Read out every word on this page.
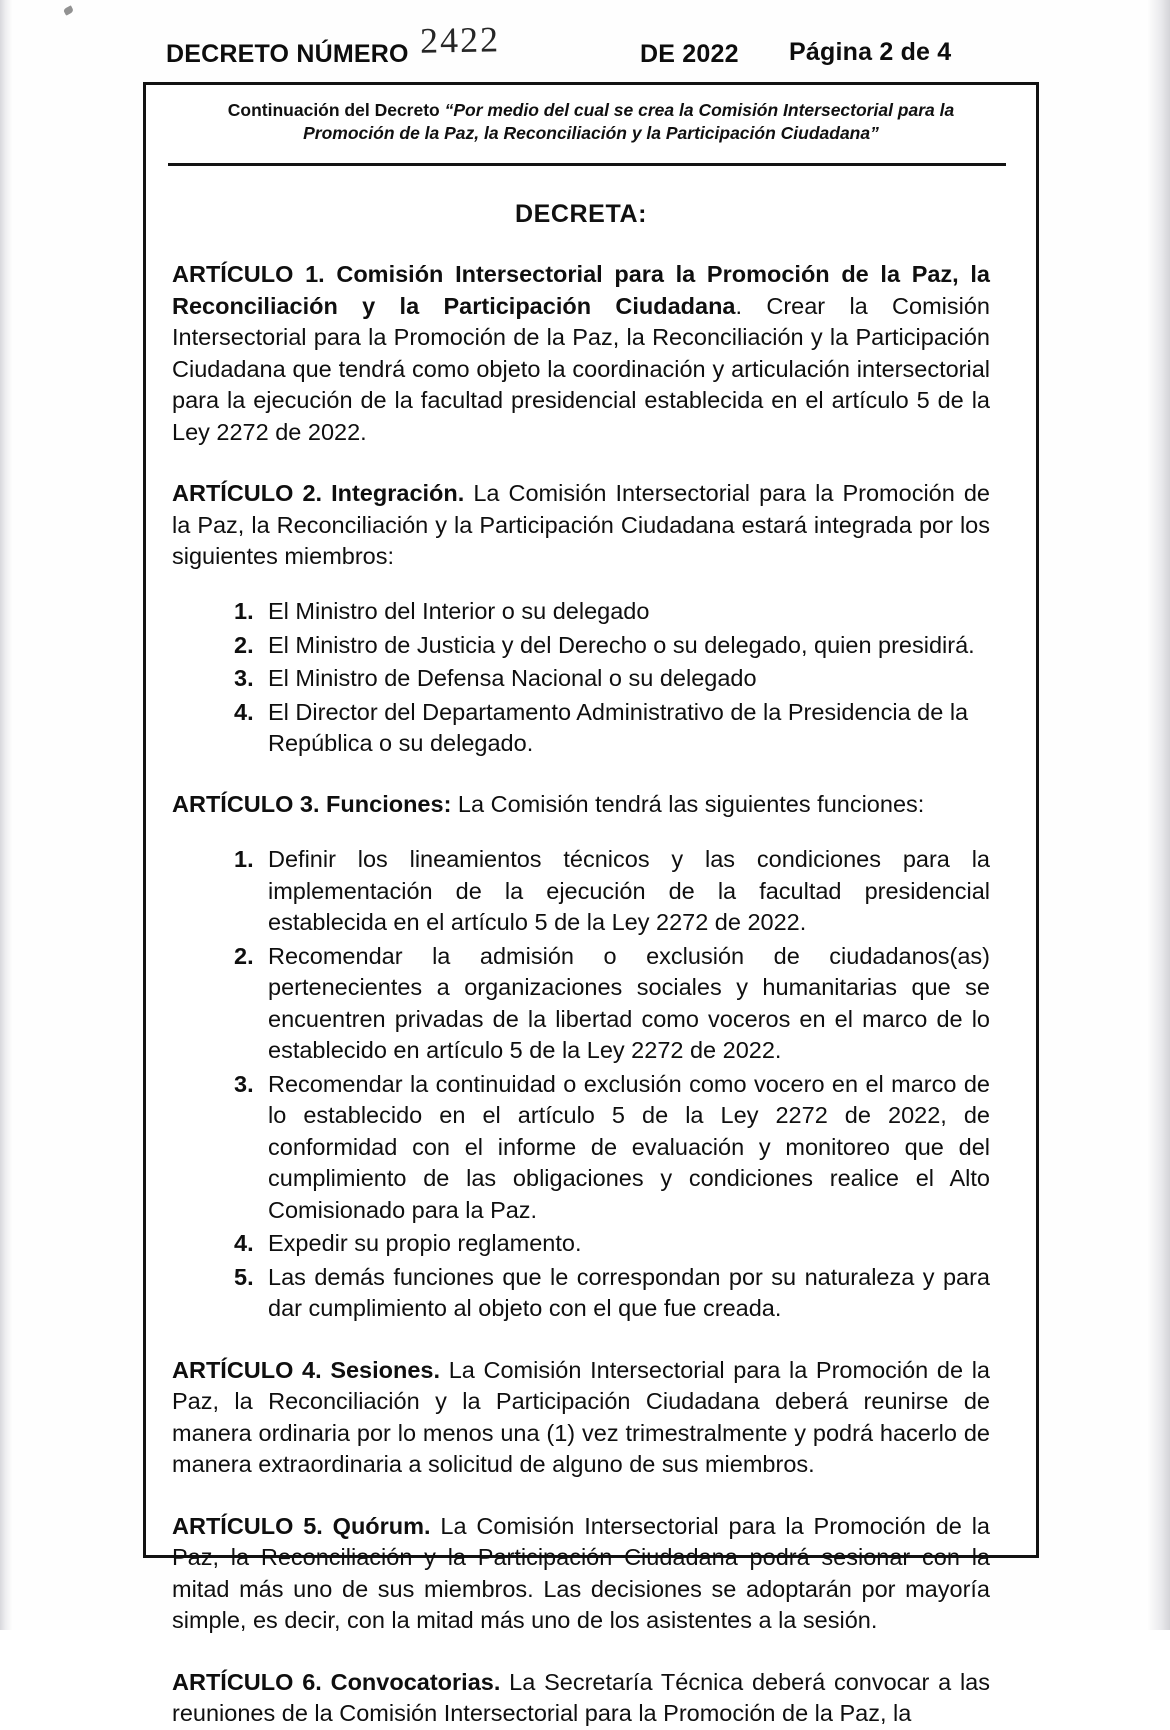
DECRETO NÚMERO 2422	DE 2022 Página 2 de 4
Continuación del Decreto “Por medio del cual se crea la Comisión Intersectorial para la Promoción de la Paz, la Reconciliación y la Participación Ciudadana”
DECRETA:

ARTÍCULO 1. Comisión Intersectorial para la Promoción de la Paz, la Reconciliación y la Participación Ciudadana. Crear la Comisión Intersectorial para la Promoción de la Paz, la Reconciliación y la Participación Ciudadana que tendrá como objeto la coordinación y articulación intersectorial para la ejecución de la facultad presidencial establecida en el artículo 5 de la Ley 2272 de 2022.

ARTÍCULO 2. Integración. La Comisión Intersectorial para la Promoción de la Paz, la Reconciliación y la Participación Ciudadana estará integrada por los siguientes miembros:

El Ministro del Interior o su delegado
El Ministro de Justicia y del Derecho o su delegado, quien presidirá.
El Ministro de Defensa Nacional o su delegado
El Director del Departamento Administrativo de la Presidencia de la República o su delegado.

ARTÍCULO 3. Funciones: La Comisión tendrá las siguientes funciones:

Definir los lineamientos técnicos y las condiciones para la implementación de la ejecución de la facultad presidencial establecida en el artículo 5 de la Ley 2272 de 2022.
Recomendar la admisión o exclusión de ciudadanos(as) pertenecientes a organizaciones sociales y humanitarias que se encuentren privadas de la libertad como voceros en el marco de lo establecido en artículo 5 de la Ley 2272 de 2022.
Recomendar la continuidad o exclusión como vocero en el marco de lo establecido en el artículo 5 de la Ley 2272 de 2022, de conformidad con el informe de evaluación y monitoreo que del cumplimiento de las obligaciones y condiciones realice el Alto Comisionado para la Paz.
Expedir su propio reglamento.
Las demás funciones que le correspondan por su naturaleza y para dar cumplimiento al objeto con el que fue creada.

ARTÍCULO 4. Sesiones. La Comisión Intersectorial para la Promoción de la Paz, la Reconciliación y la Participación Ciudadana deberá reunirse de manera ordinaria por lo menos una (1) vez trimestralmente y podrá hacerlo de manera extraordinaria a solicitud de alguno de sus miembros.

ARTÍCULO 5. Quórum. La Comisión Intersectorial para la Promoción de la Paz, la Reconciliación y la Participación Ciudadana podrá sesionar con la mitad más uno de sus miembros. Las decisiones se adoptarán por mayoría simple, es decir, con la mitad más uno de los asistentes a la sesión.

ARTÍCULO 6. Convocatorias. La Secretaría Técnica deberá convocar a las reuniones de la Comisión Intersectorial para la Promoción de la Paz, la
